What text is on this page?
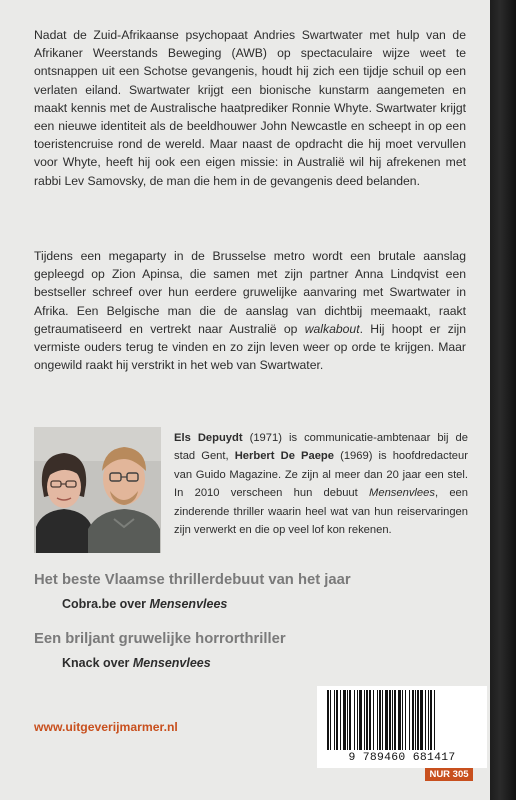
Nadat de Zuid-Afrikaanse psychopaat Andries Swartwater met hulp van de Afrikaner Weerstands Beweging (AWB) op spectaculaire wijze weet te ontsnappen uit een Schotse gevangenis, houdt hij zich een tijdje schuil op een verlaten eiland. Swartwater krijgt een bionische kunstarm aangemeten en maakt kennis met de Australische haatprediker Ronnie Whyte. Swartwater krijgt een nieuwe identiteit als de beeldhouwer John Newcastle en scheept in op een toeristencruise rond de wereld. Maar naast de opdracht die hij moet vervullen voor Whyte, heeft hij ook een eigen missie: in Australië wil hij afrekenen met rabbi Lev Samovsky, de man die hem in de gevangenis deed belanden.

Tijdens een megaparty in de Brusselse metro wordt een brutale aanslag gepleegd op Zion Apinsa, die samen met zijn partner Anna Lindqvist een bestseller schreef over hun eerdere gruwelijke aanvaring met Swartwater in Afrika. Een Belgische man die de aanslag van dichtbij meemaakt, raakt getraumatiseerd en vertrekt naar Australië op walkabout. Hij hoopt er zijn vermiste ouders terug te vinden en zo zijn leven weer op orde te krijgen. Maar ongewild raakt hij verstrikt in het web van Swartwater.

Els Depuydt (1971) is communicatie-ambtenaar bij de stad Gent, Herbert De Paepe (1969) is hoofdredacteur van Guido Magazine. Ze zijn al meer dan 20 jaar een stel. In 2010 verscheen hun debuut Mensenvlees, een zinderende thriller waarin heel wat van hun reiservaringen zijn verwerkt en die op veel lof kon rekenen.

Het beste Vlaamse thrillerdebuut van het jaar

Cobra.be over Mensenvlees

Een briljant gruwelijke horrorthriller

Knack over Mensenvlees

www.uitgeverijmarmer.nl

9 789460 681417
NUR 305
